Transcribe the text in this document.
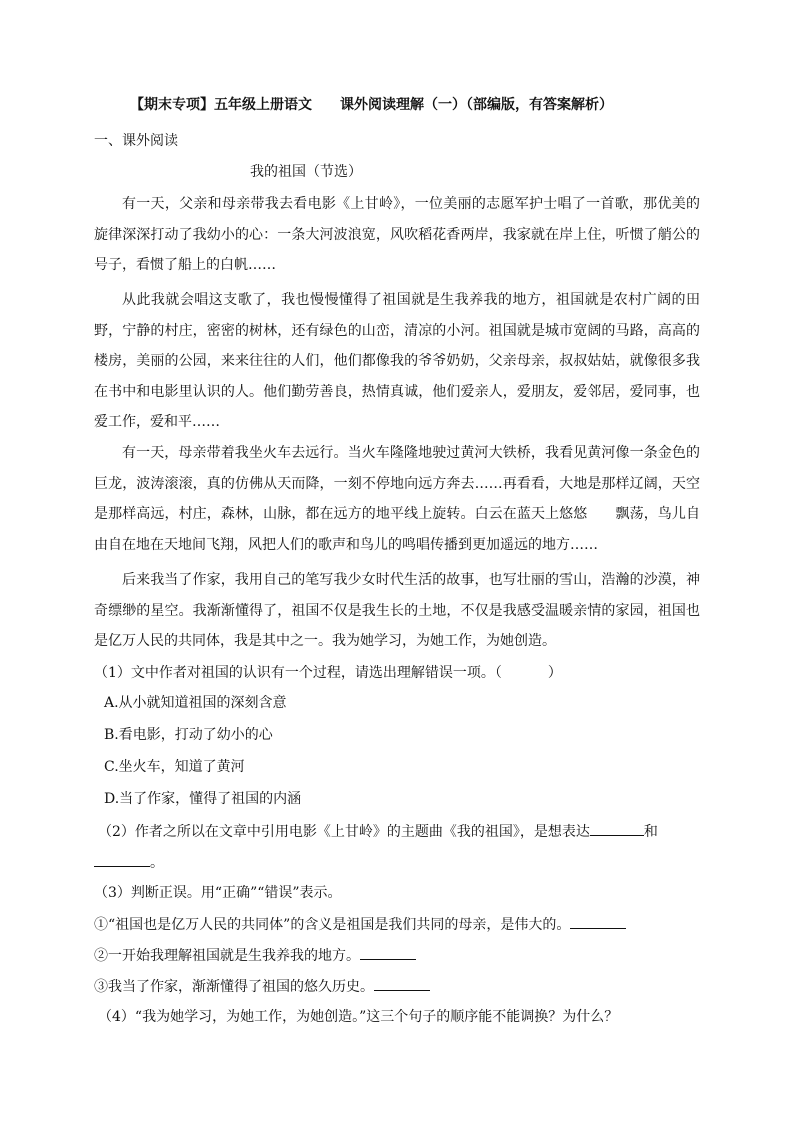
【期末专项】五年级上册语文　　课外阅读理解（一）（部编版，有答案解析）
一、课外阅读
我的祖国（节选）
有一天，父亲和母亲带我去看电影《上甘岭》，一位美丽的志愿军护士唱了一首歌，那优美的旋律深深打动了我幼小的心：一条大河波浪宽，风吹稻花香两岸，我家就在岸上住，听惯了艄公的号子，看惯了船上的白帆……
从此我就会唱这支歌了，我也慢慢懂得了祖国就是生我养我的地方，祖国就是农村广阔的田野，宁静的村庄，密密的树林，还有绿色的山峦，清凉的小河。祖国就是城市宽阔的马路，高高的楼房，美丽的公园，来来往往的人们，他们都像我的爷爷奶奶，父亲母亲，叔叔姑姑，就像很多我在书中和电影里认识的人。他们勤劳善良，热情真诚，他们爱亲人，爱朋友，爱邻居，爱同事，也爱工作，爱和平……
有一天，母亲带着我坐火车去远行。当火车隆隆地驶过黄河大铁桥，我看见黄河像一条金色的巨龙，波涛滚滚，真的仿佛从天而降，一刻不停地向远方奔去……再看看，大地是那样辽阔，天空是那样高远，村庄，森林，山脉，都在远方的地平线上旋转。白云在蓝天上悠悠　　飘荡，鸟儿自由自在地在天地间飞翔，风把人们的歌声和鸟儿的鸣唱传播到更加遥远的地方……
后来我当了作家，我用自己的笔写我少女时代生活的故事，也写壮丽的雪山，浩瀚的沙漠，神奇缥缈的星空。我渐渐懂得了，祖国不仅是我生长的土地，不仅是我感受温暖亲情的家园，祖国也是亿万人民的共同体，我是其中之一。我为她学习，为她工作，为她创造。
（1）文中作者对祖国的认识有一个过程，请选出理解错误一项。（	）
A.从小就知道祖国的深刻含意
B.看电影，打动了幼小的心
C.坐火车，知道了黄河
D.当了作家，懂得了祖国的内涵
（2）作者之所以在文章中引用电影《上甘岭》的主题曲《我的祖国》，是想表达	和
。
（3）判断正误。用“正确”“错误”表示。
①“祖国也是亿万人民的共同体”的含义是祖国是我们共同的母亲，是伟大的。
②一开始我理解祖国就是生我养我的地方。
③我当了作家，渐渐懂得了祖国的悠久历史。
（4）“我为她学习，为她工作，为她创造。”这三个句子的顺序能不能调换？为什么？
